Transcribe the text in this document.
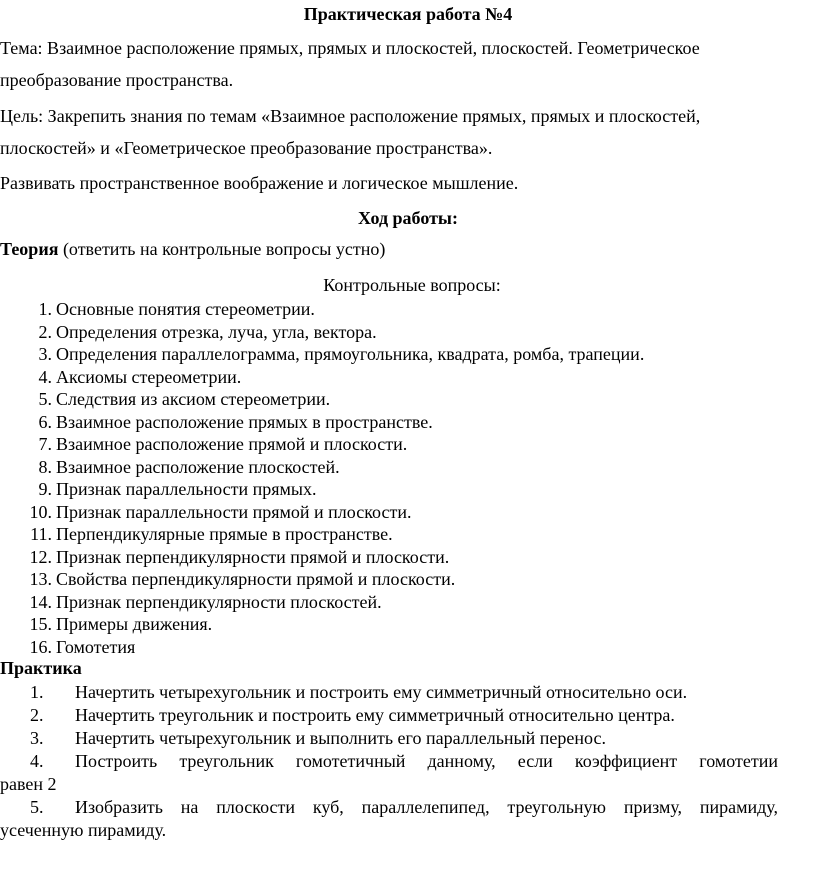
Практическая работа №4
Тема: Взаимное расположение прямых, прямых и плоскостей, плоскостей. Геометрическое
преобразование пространства.
Цель: Закрепить знания по темам «Взаимное расположение прямых, прямых и плоскостей,
плоскостей» и «Геометрическое преобразование пространства».
Развивать пространственное воображение и логическое мышление.
Ход работы:
Теория (ответить на контрольные вопросы устно)
Контрольные вопросы:
1. Основные понятия стереометрии.
2. Определения отрезка, луча, угла, вектора.
3. Определения параллелограмма, прямоугольника, квадрата, ромба, трапеции.
4. Аксиомы стереометрии.
5. Следствия из аксиом стереометрии.
6. Взаимное расположение прямых в пространстве.
7. Взаимное расположение прямой и плоскости.
8. Взаимное расположение плоскостей.
9. Признак параллельности прямых.
10. Признак параллельности прямой и плоскости.
11. Перпендикулярные прямые в пространстве.
12. Признак перпендикулярности прямой и плоскости.
13. Свойства перпендикулярности прямой и плоскости.
14. Признак перпендикулярности плоскостей.
15. Примеры движения.
16. Гомотетия
Практика
1. Начертить четырехугольник и построить ему симметричный относительно оси.
2. Начертить треугольник и построить ему симметричный относительно центра.
3. Начертить четырехугольник и выполнить его параллельный перенос.
4. Построить треугольник гомотетичный данному, если коэффициент гомотетии
равен 2
5. Изобразить на плоскости куб, параллелепипед, треугольную призму, пирамиду,
усеченную пирамиду.
